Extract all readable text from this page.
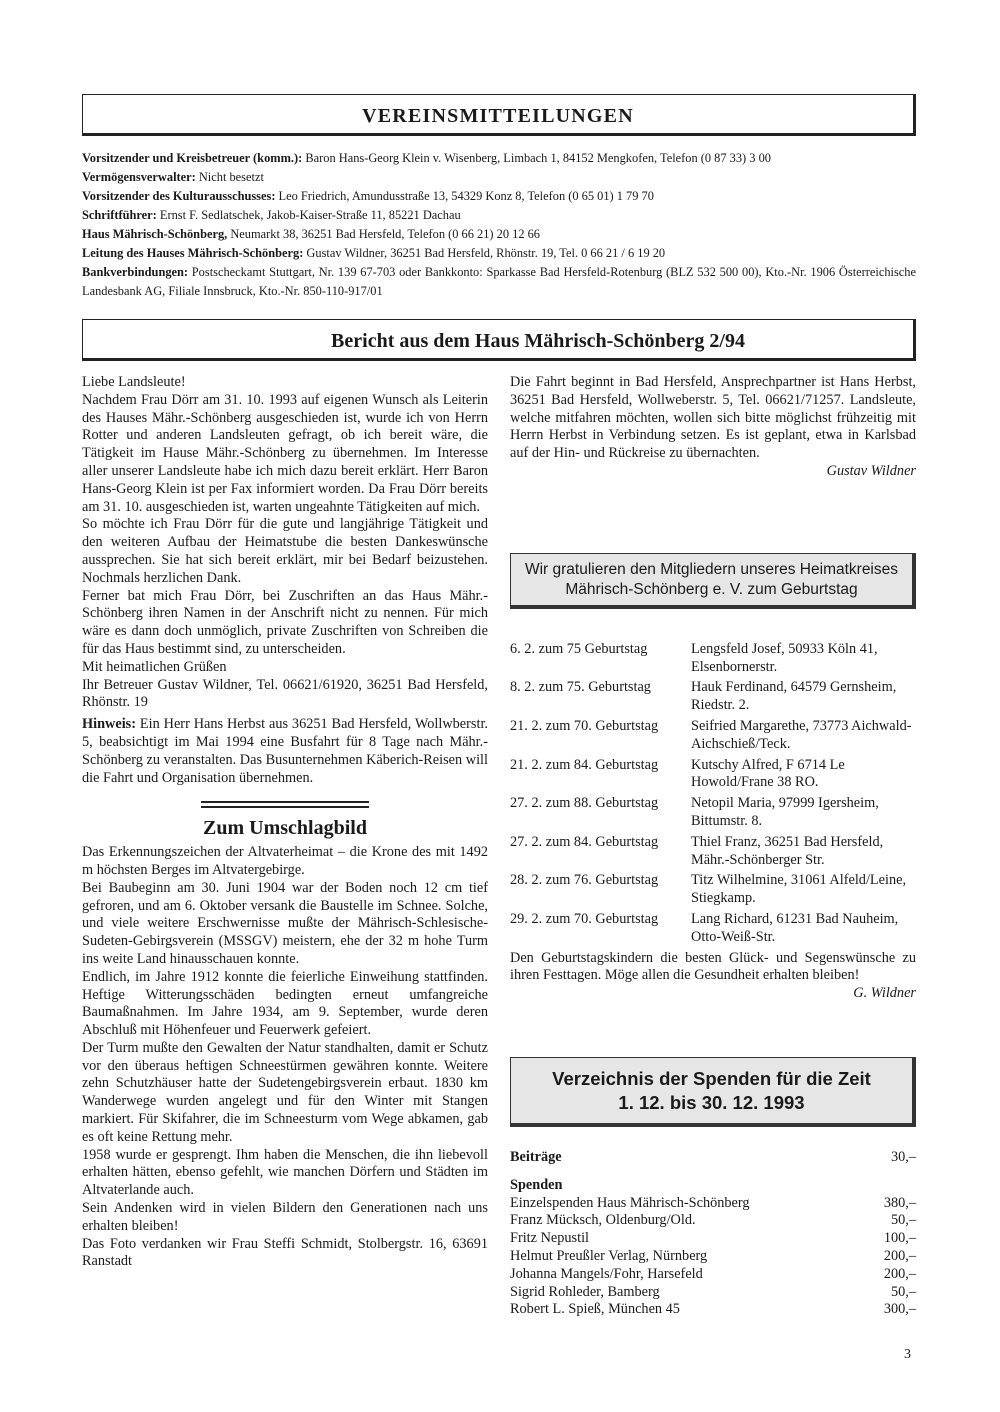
VEREINSMITTEILUNGEN
Vorsitzender und Kreisbetreuer (komm.): Baron Hans-Georg Klein v. Wisenberg, Limbach 1, 84152 Mengkofen, Telefon (0 87 33) 3 00
Vermögensverwalter: Nicht besetzt
Vorsitzender des Kulturausschusses: Leo Friedrich, Amundusstraße 13, 54329 Konz 8, Telefon (0 65 01) 1 79 70
Schriftführer: Ernst F. Sedlatschek, Jakob-Kaiser-Straße 11, 85221 Dachau
Haus Mährisch-Schönberg, Neumarkt 38, 36251 Bad Hersfeld, Telefon (0 66 21) 20 12 66
Leitung des Hauses Mährisch-Schönberg: Gustav Wildner, 36251 Bad Hersfeld, Rhönstr. 19, Tel. 0 66 21 / 6 19 20
Bankverbindungen: Postscheckamt Stuttgart, Nr. 139 67-703 oder Bankkonto: Sparkasse Bad Hersfeld-Rotenburg (BLZ 532 500 00), Kto.-Nr. 1906 Österreichische Landesbank AG, Filiale Innsbruck, Kto.-Nr. 850-110-917/01
Bericht aus dem Haus Mährisch-Schönberg 2/94
Liebe Landsleute!
Nachdem Frau Dörr am 31. 10. 1993 auf eigenen Wunsch als Leiterin des Hauses Mähr.-Schönberg ausgeschieden ist, wurde ich von Herrn Rotter und anderen Landsleuten gefragt, ob ich bereit wäre, die Tätigkeit im Hause Mähr.-Schönberg zu übernehmen. Im Interesse aller unserer Landsleute habe ich mich dazu bereit erklärt. Herr Baron Hans-Georg Klein ist per Fax informiert worden. Da Frau Dörr bereits am 31. 10. ausgeschieden ist, warten ungeahnte Tätigkeiten auf mich.
So möchte ich Frau Dörr für die gute und langjährige Tätigkeit und den weiteren Aufbau der Heimatstube die besten Dankeswünsche aussprechen. Sie hat sich bereit erklärt, mir bei Bedarf beizustehen. Nochmals herzlichen Dank.
Ferner bat mich Frau Dörr, bei Zuschriften an das Haus Mähr.-Schönberg ihren Namen in der Anschrift nicht zu nennen. Für mich wäre es dann doch unmöglich, private Zuschriften von Schreiben die für das Haus bestimmt sind, zu unterscheiden.
Mit heimatlichen Grüßen
Ihr Betreuer Gustav Wildner, Tel. 06621/61920, 36251 Bad Hersfeld, Rhönstr. 19
Hinweis: Ein Herr Hans Herbst aus 36251 Bad Hersfeld, Wollwberstr. 5, beabsichtigt im Mai 1994 eine Busfahrt für 8 Tage nach Mähr.-Schönberg zu veranstalten. Das Busunternehmen Käberich-Reisen will die Fahrt und Organisation übernehmen.
Zum Umschlagbild
Das Erkennungszeichen der Altvaterheimat – die Krone des mit 1492 m höchsten Berges im Altvatergebirge.
Bei Baubeginn am 30. Juni 1904 war der Boden noch 12 cm tief gefroren, und am 6. Oktober versank die Baustelle im Schnee. Solche, und viele weitere Erschwernisse mußte der Mährisch-Schlesische-Sudeten-Gebirgsverein (MSSGV) meistern, ehe der 32 m hohe Turm ins weite Land hinausschauen konnte.
Endlich, im Jahre 1912 konnte die feierliche Einweihung stattfinden. Heftige Witterungsschäden bedingten erneut umfangreiche Baumaßnahmen. Im Jahre 1934, am 9. September, wurde deren Abschluß mit Höhenfeuer und Feuerwerk gefeiert.
Der Turm mußte den Gewalten der Natur standhalten, damit er Schutz vor den überaus heftigen Schneestürmen gewähren konnte. Weitere zehn Schutzhäuser hatte der Sudetengebirgsverein erbaut. 1830 km Wanderwege wurden angelegt und für den Winter mit Stangen markiert. Für Skifahrer, die im Schneesturm vom Wege abkamen, gab es oft keine Rettung mehr.
1958 wurde er gesprengt. Ihm haben die Menschen, die ihn liebevoll erhalten hätten, ebenso gefehlt, wie manchen Dörfern und Städten im Altvaterlande auch.
Sein Andenken wird in vielen Bildern den Generationen nach uns erhalten bleiben!
Das Foto verdanken wir Frau Steffi Schmidt, Stolbergstr. 16, 63691 Ranstadt
Die Fahrt beginnt in Bad Hersfeld, Ansprechpartner ist Hans Herbst, 36251 Bad Hersfeld, Wollweberstr. 5, Tel. 06621/71257. Landsleute, welche mitfahren möchten, wollen sich bitte möglichst frühzeitig mit Herrn Herbst in Verbindung setzen. Es ist geplant, etwa in Karlsbad auf der Hin- und Rückreise zu übernachten.
Gustav Wildner
Wir gratulieren den Mitgliedern unseres Heimatkreises
Mährisch-Schönberg e. V. zum Geburtstag
6. 2. zum 75 Geburtstag	Lengsfeld Josef, 50933 Köln 41, Elsenbornerstr.
8. 2. zum 75. Geburtstag	Hauk Ferdinand, 64579 Gernsheim, Riedstr. 2.
21. 2. zum 70. Geburtstag	Seifried Margarethe, 73773 Aichwald-Aichschieß/Teck.
21. 2. zum 84. Geburtstag	Kutschy Alfred, F 6714 Le Howold/Frane 38 RO.
27. 2. zum 88. Geburtstag	Netopil Maria, 97999 Igersheim, Bittumstr. 8.
27. 2. zum 84. Geburtstag	Thiel Franz, 36251 Bad Hersfeld, Mähr.-Schönberger Str.
28. 2. zum 76. Geburtstag	Titz Wilhelmine, 31061 Alfeld/Leine, Stiegkamp.
29. 2. zum 70. Geburtstag	Lang Richard, 61231 Bad Nauheim, Otto-Weiß-Str.
Den Geburtstagskindern die besten Glück- und Segenswünsche zu ihren Festtagen. Möge allen die Gesundheit erhalten bleiben!
G. Wildner
Verzeichnis der Spenden für die Zeit
1. 12. bis 30. 12. 1993
Beiträge	30,–
Spenden
Einzelspenden Haus Mährisch-Schönberg	380,–
Franz Mücksch, Oldenburg/Old.	50,–
Fritz Nepustil	100,–
Helmut Preußler Verlag, Nürnberg	200,–
Johanna Mangels/Fohr, Harsefeld	200,–
Sigrid Rohleder, Bamberg	50,–
Robert L. Spieß, München 45	300,–
3
